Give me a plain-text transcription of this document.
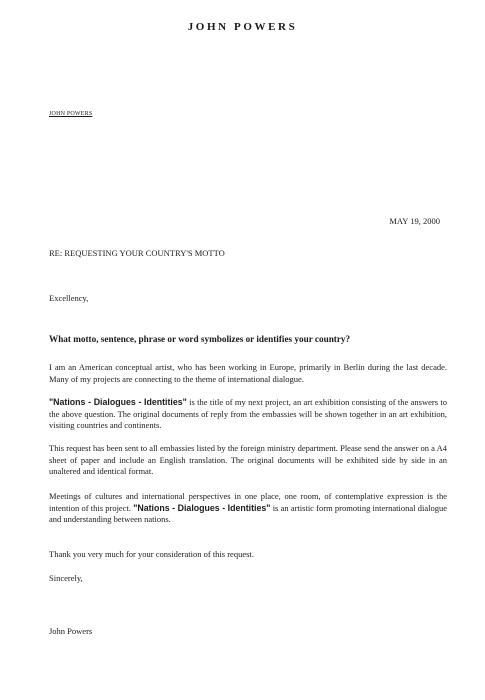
JOHN POWERS
JOHN POWERS
MAY 19, 2000
RE: REQUESTING YOUR COUNTRY'S MOTTO
Excellency,
What motto, sentence, phrase or word symbolizes or identifies your country?
I am an American conceptual artist, who has been working in Europe, primarily in Berlin during the last decade. Many of my projects are connecting to the theme of international dialogue.
"Nations - Dialogues - Identities" is the title of my next project, an art exhibition consisting of the answers to the above question. The original documents of reply from the embassies will be shown together in an art exhibition, visiting countries and continents.
This request has been sent to all embassies listed by the foreign ministry department. Please send the answer on a A4 sheet of paper and include an English translation. The original documents will be exhibited side by side in an unaltered and identical format.
Meetings of cultures and international perspectives in one place, one room, of contemplative expression is the intention of this project. "Nations - Dialogues - Identities" is an artistic form promoting international dialogue and understanding between nations.
Thank you very much for your consideration of this request.
Sincerely,
John Powers
